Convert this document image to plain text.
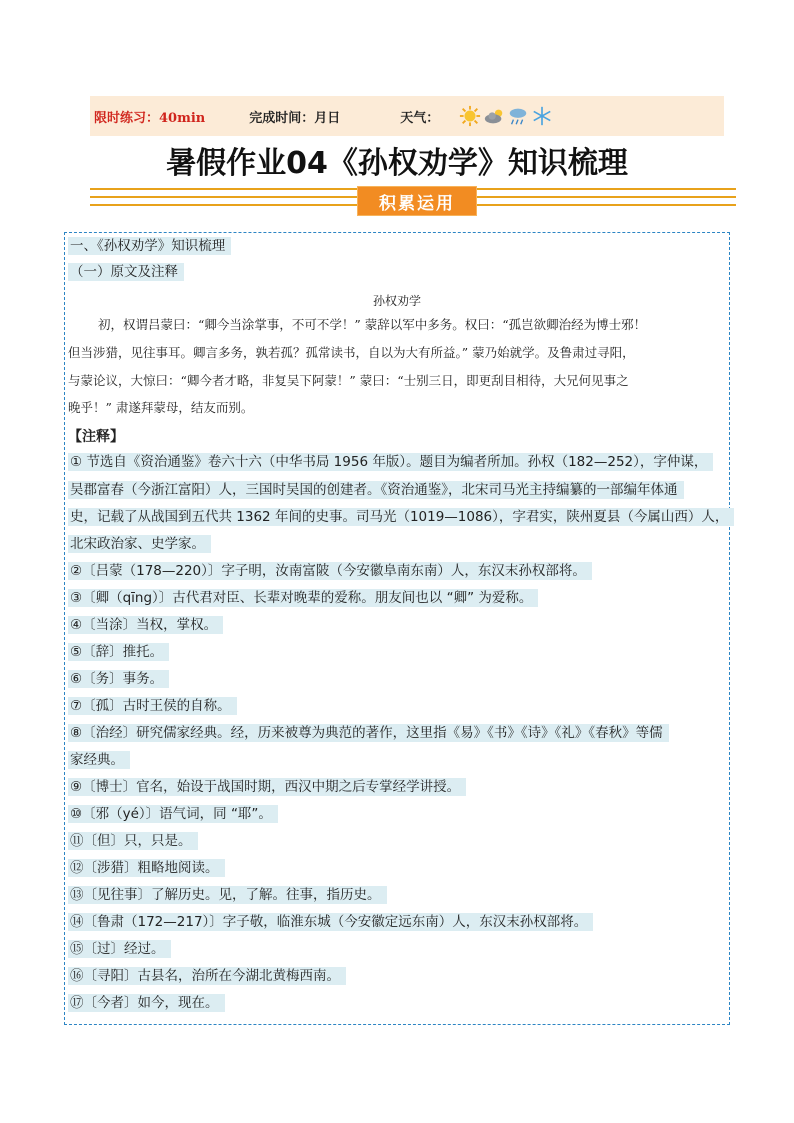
限时练习：40min	完成时间：月日	天气：
暑假作业04《孙权劝学》知识梳理
积累运用
一、《孙权劝学》知识梳理
（一）原文及注释
孙权劝学
初，权谓吕蒙曰：“卿今当涂掌事，不可不学！” 蒙辞以军中多务。权曰：“孤岂欲卿治经为博士邪！
但当涉猎，见往事耳。卿言多务，孰若孤？孤常读书，自以为大有所益。” 蒙乃始就学。及鲁肃过寻阳，
与蒙论议，大惊曰：“卿今者才略，非复吴下阿蒙！” 蒙曰：“士别三日，即更刮目相待，大兄何见事之
晚乎！” 肃遂拜蒙母，结友而别。
【注释】
① 节选自《资治通鉴》卷六十六（中华书局 1956 年版）。题目为编者所加。孙权（182—252），字仲谋，
吴郡富春（今浙江富阳）人，三国时吴国的创建者。《资治通鉴》，北宋司马光主持编纂的一部编年体通
史，记载了从战国到五代共 1362 年间的史事。司马光（1019—1086），字君实，陕州夏县（今属山西）人，
北宋政治家、史学家。
②〔吕蒙（178—220）〕字子明，汝南富陂（今安徽阜南东南）人，东汉末孙权部将。
③〔卿（qīng）〕古代君对臣、长辈对晚辈的爱称。朋友间也以 “卿” 为爱称。
④〔当涂〕当权，掌权。
⑤〔辞〕推托。
⑥〔务〕事务。
⑦〔孤〕古时王侯的自称。
⑧〔治经〕研究儒家经典。经，历来被尊为典范的著作，这里指《易》《书》《诗》《礼》《春秋》等儒
家经典。
⑨〔博士〕官名，始设于战国时期，西汉中期之后专掌经学讲授。
⑩〔邪（yé）〕语气词，同 “耶”。
⑪〔但〕只，只是。
⑫〔涉猎〕粗略地阅读。
⑬〔见往事〕了解历史。见，了解。往事，指历史。
⑭〔鲁肃（172—217）〕字子敬，临淮东城（今安徽定远东南）人，东汉末孙权部将。
⑮〔过〕经过。
⑯〔寻阳〕古县名，治所在今湖北黄梅西南。
⑰〔今者〕如今，现在。
